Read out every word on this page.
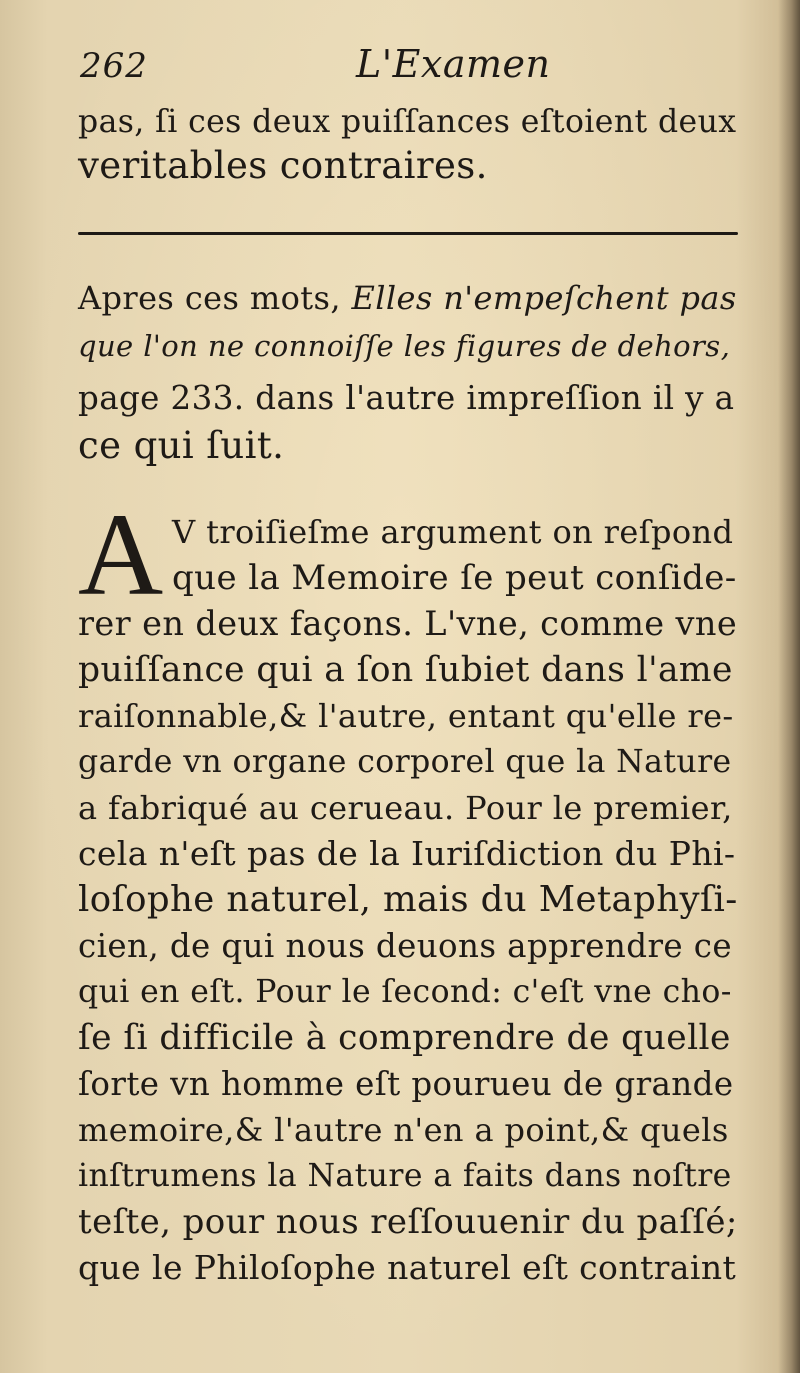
262	L'Examen
pas, ſi ces deux puiſſances eſtoient deux
veritables contraires.
Apres ces mots, Elles n'empeſchent pas
que l'on ne connoiſſe les figures de dehors,
page 233. dans l'autre impreſſion il y a
ce qui ſuit.
A V troiſieſme argument on reſpond
que la Memoire ſe peut conſide-
rer en deux façons. L'vne, comme vne
puiſſance qui a ſon ſubiet dans l'ame
raiſonnable,& l'autre, entant qu'elle re-
garde vn organe corporel que la Nature
a fabriqué au cerueau. Pour le premier,
cela n'eſt pas de la Iuriſdiction du Phi-
loſophe naturel, mais du Metaphyſi-
cien, de qui nous deuons apprendre ce
qui en eſt. Pour le ſecond: c'eſt vne cho-
ſe ſi difficile à comprendre de quelle
ſorte vn homme eſt pourueu de grande
memoire,& l'autre n'en a point,& quels
inſtrumens la Nature a faits dans noſtre
teſte, pour nous reſſouuenir du paſſé;
que le Philoſophe naturel eſt contraint
